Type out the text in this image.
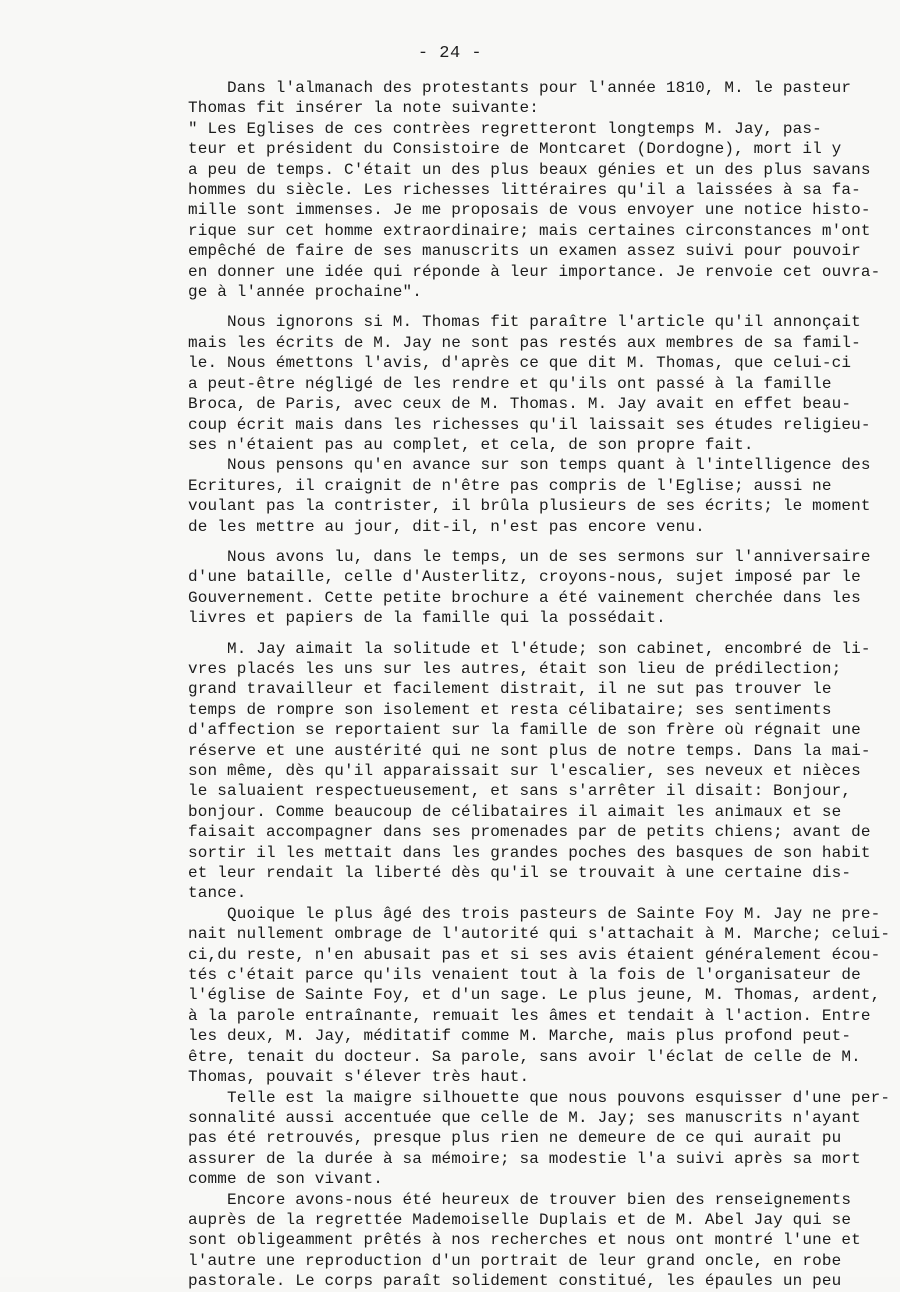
- 24 -
Dans l'almanach des protestants pour l'année 1810, M. le pasteur
Thomas fit insérer la note suivante:
" Les Eglises de ces contrèes regretteront longtemps M. Jay, pas-
teur et président du Consistoire de Montcaret (Dordogne), mort il y
a peu de temps. C'était un des plus beaux génies et un des plus savans
hommes du siècle. Les richesses littéraires qu'il a laissées à sa fa-
mille sont immenses. Je me proposais de vous envoyer une notice histo-
rique sur cet homme extraordinaire; mais certaines circonstances m'ont
empêché de faire de ses manuscrits un examen assez suivi pour pouvoir
en donner une idée qui réponde à leur importance. Je renvoie cet ouvra-
ge à l'année prochaine".
Nous ignorons si M. Thomas fit paraître l'article qu'il annonçait
mais les écrits de M. Jay ne sont pas restés aux membres de sa famil-
le. Nous émettons l'avis, d'après ce que dit M. Thomas, que celui-ci
a peut-être négligé de les rendre et qu'ils ont passé à la famille
Broca, de Paris, avec ceux de M. Thomas. M. Jay avait en effet beau-
coup écrit mais dans les richesses qu'il laissait ses études religieu-
ses n'étaient pas au complet, et cela, de son propre fait.
Nous pensons qu'en avance sur son temps quant à l'intelligence des
Ecritures, il craignit de n'être pas compris de l'Eglise; aussi ne
voulant pas la contrister, il brûla plusieurs de ses écrits; le moment
de les mettre au jour, dit-il, n'est pas encore venu.
Nous avons lu, dans le temps, un de ses sermons sur l'anniversaire
d'une bataille, celle d'Austerlitz, croyons-nous, sujet imposé par le
Gouvernement. Cette petite brochure a été vainement cherchée dans les
livres et papiers de la famille qui la possédait.
M. Jay aimait la solitude et l'étude; son cabinet, encombré de li-
vres placés les uns sur les autres, était son lieu de prédilection;
grand travailleur et facilement distrait, il ne sut pas trouver le
temps de rompre son isolement et resta célibataire; ses sentiments
d'affection se reportaient sur la famille de son frère où régnait une
réserve et une austérité qui ne sont plus de notre temps. Dans la mai-
son même, dès qu'il apparaissait sur l'escalier, ses neveux et nièces
le saluaient respectueusement, et sans s'arrêter il disait: Bonjour,
bonjour. Comme beaucoup de célibataires il aimait les animaux et se
faisait accompagner dans ses promenades par de petits chiens; avant de
sortir il les mettait dans les grandes poches des basques de son habit
et leur rendait la liberté dès qu'il se trouvait à une certaine dis-
tance.
Quoique le plus âgé des trois pasteurs de Sainte Foy M. Jay ne pre-
nait nullement ombrage de l'autorité qui s'attachait à M. Marche; celui-
ci,du reste, n'en abusait pas et si ses avis étaient généralement écou-
tés c'était parce qu'ils venaient tout à la fois de l'organisateur de
l'église de Sainte Foy, et d'un sage. Le plus jeune, M. Thomas, ardent,
à la parole entraînante, remuait les âmes et tendait à l'action. Entre
les deux, M. Jay, méditatif comme M. Marche, mais plus profond peut-
être, tenait du docteur. Sa parole, sans avoir l'éclat de celle de M.
Thomas, pouvait s'élever très haut.
Telle est la maigre silhouette que nous pouvons esquisser d'une per-
sonnalité aussi accentuée que celle de M. Jay; ses manuscrits n'ayant
pas été retrouvés, presque plus rien ne demeure de ce qui aurait pu
assurer de la durée à sa mémoire; sa modestie l'a suivi après sa mort
comme de son vivant.
Encore avons-nous été heureux de trouver bien des renseignements
auprès de la regrettée Mademoiselle Duplais et de M. Abel Jay qui se
sont obligeamment prêtés à nos recherches et nous ont montré l'une et
l'autre une reproduction d'un portrait de leur grand oncle, en robe
pastorale. Le corps paraît solidement constitué, les épaules un peu
